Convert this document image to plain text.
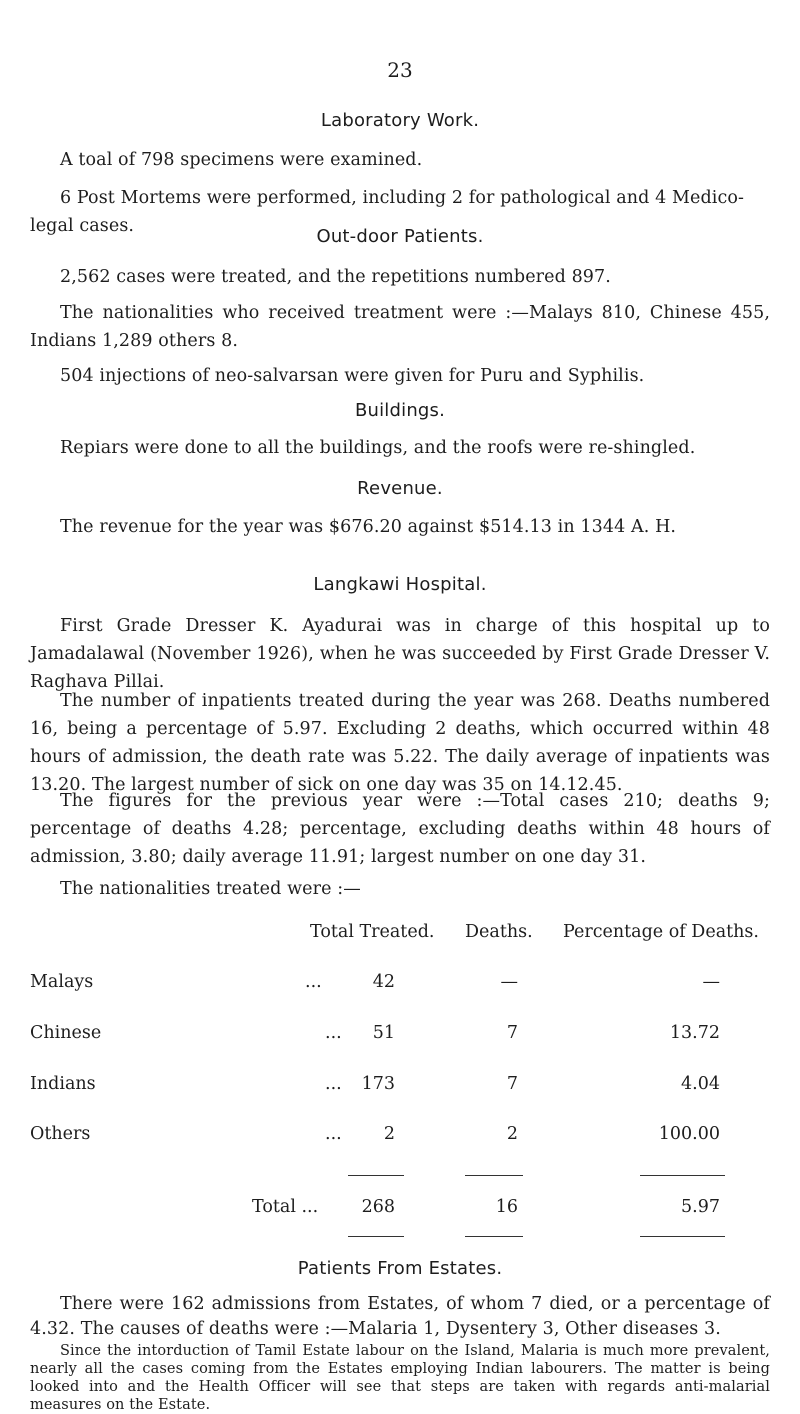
23
Laboratory Work.
A toal of 798 specimens were examined.
6 Post Mortems were performed, including 2 for pathological and 4 Medico-legal cases.	Out-door Patients.
2,562 cases were treated, and the repetitions numbered 897.
The nationalities who received treatment were :—Malays 810, Chinese 455, Indians 1,289 others 8.
504 injections of neo-salvarsan were given for Puru and Syphilis.
Buildings.
Repiars were done to all the buildings, and the roofs were re-shingled.
Revenue.
The revenue for the year was $676.20 against $514.13 in 1344 A. H.
Langkawi Hospital.
First Grade Dresser K. Ayadurai was in charge of this hospital up to Jamadalawal (November 1926), when he was succeeded by First Grade Dresser V. Raghava Pillai.
The number of inpatients treated during the year was 268. Deaths numbered 16, being a percentage of 5.97. Excluding 2 deaths, which occurred within 48 hours of admission, the death rate was 5.22. The daily average of inpatients was 13.20. The largest number of sick on one day was 35 on 14.12.45.
The figures for the previous year were :—Total cases 210; deaths 9; percentage of deaths 4.28; percentage, excluding deaths within 48 hours of admission, 3.80; daily average 11.91; largest number on one day 31.
The nationalities treated were :—
Total Treated. Deaths. Percentage of Deaths.
Malays	...	42	—	—
Chinese	...	51	7	13.72
Indians	...	173	7	4.04
Others	...	2	2	100.00
Total ...	268	16	5.97
Patients From Estates.
There were 162 admissions from Estates, of whom 7 died, or a percentage of 4.32. The causes of deaths were :—Malaria 1, Dysentery 3, Other diseases 3.
Since the intorduction of Tamil Estate labour on the Island, Malaria is much more prevalent, nearly all the cases coming from the Estates employing Indian labourers. The matter is being looked into and the Health Officer will see that steps are taken with regards anti-malarial measures on the Estate.
